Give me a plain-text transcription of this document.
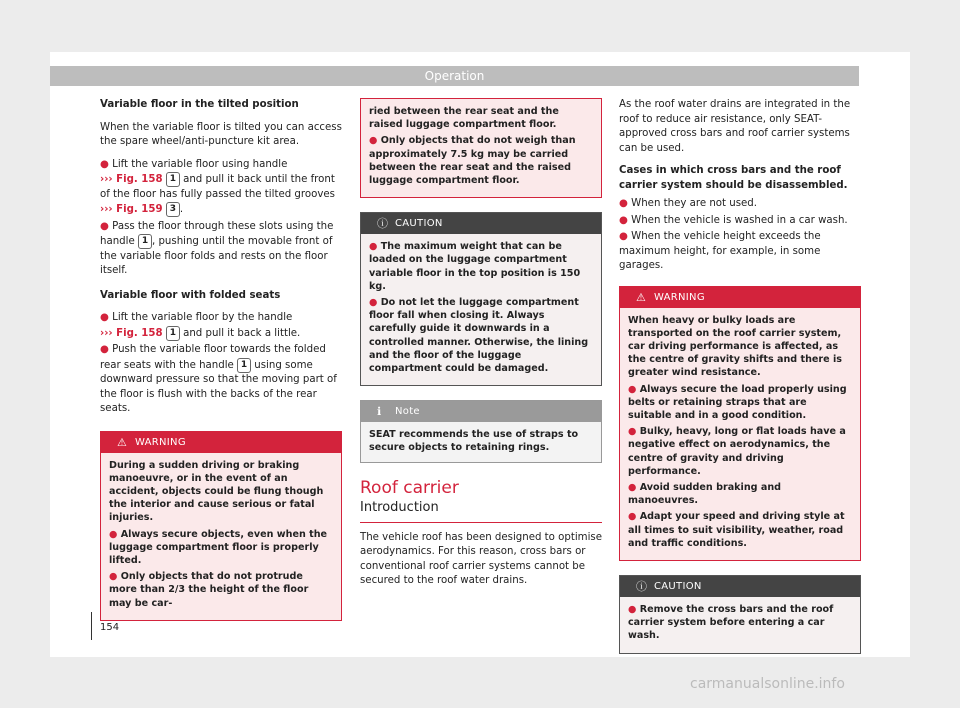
Operation

Variable floor in the tilted position

When the variable floor is tilted you can access the spare wheel/anti-puncture kit area.

● Lift the variable floor using handle
››› Fig. 158 1 and pull it back until the front of the floor has fully passed the tilted grooves ››› Fig. 159 3 .
● Pass the floor through these slots using the handle 1 , pushing until the movable front of the variable floor folds and rests on the floor itself.

Variable floor with folded seats

● Lift the variable floor by the handle
››› Fig. 158 1 and pull it back a little.
● Push the variable floor towards the folded rear seats with the handle 1 using some downward pressure so that the moving part of the floor is flush with the backs of the rear seats.
⚠ WARNING

During a sudden driving or braking manoeuvre, or in the event of an accident, objects could be flung though the interior and cause serious or fatal injuries.

● Always secure objects, even when the luggage compartment floor is properly lifted.
● Only objects that do not protrude more than 2/3 the height of the floor may be car-

ried between the rear seat and the raised luggage compartment floor.

● Only objects that do not weigh than approximately 7.5 kg may be carried between the rear seat and the raised luggage compartment floor.
ⓘ CAUTION
● The maximum weight that can be loaded on the luggage compartment variable floor in the top position is 150 kg.
● Do not let the luggage compartment floor fall when closing it. Always carefully guide it downwards in a controlled manner. Otherwise, the lining and the floor of the luggage compartment could be damaged.
ℹ Note
SEAT recommends the use of straps to secure objects to retaining rings.
Roof carrier
Introduction

The vehicle roof has been designed to optimise aerodynamics. For this reason, cross bars or conventional roof carrier systems cannot be secured to the roof water drains.

As the roof water drains are integrated in the roof to reduce air resistance, only SEAT-approved cross bars and roof carrier systems can be used.

Cases in which cross bars and the roof carrier system should be disassembled.

● When they are not used.
● When the vehicle is washed in a car wash.
● When the vehicle height exceeds the maximum height, for example, in some garages.
⚠ WARNING

When heavy or bulky loads are transported on the roof carrier system, car driving performance is affected, as the centre of gravity shifts and there is greater wind resistance.

● Always secure the load properly using belts or retaining straps that are suitable and in a good condition.
● Bulky, heavy, long or flat loads have a negative effect on aerodynamics, the centre of gravity and driving performance.
● Avoid sudden braking and manoeuvres.
● Adapt your speed and driving style at all times to suit visibility, weather, road and traffic conditions.
ⓘ CAUTION
● Remove the cross bars and the roof carrier system before entering a car wash.
154
carmanualsonline.info
